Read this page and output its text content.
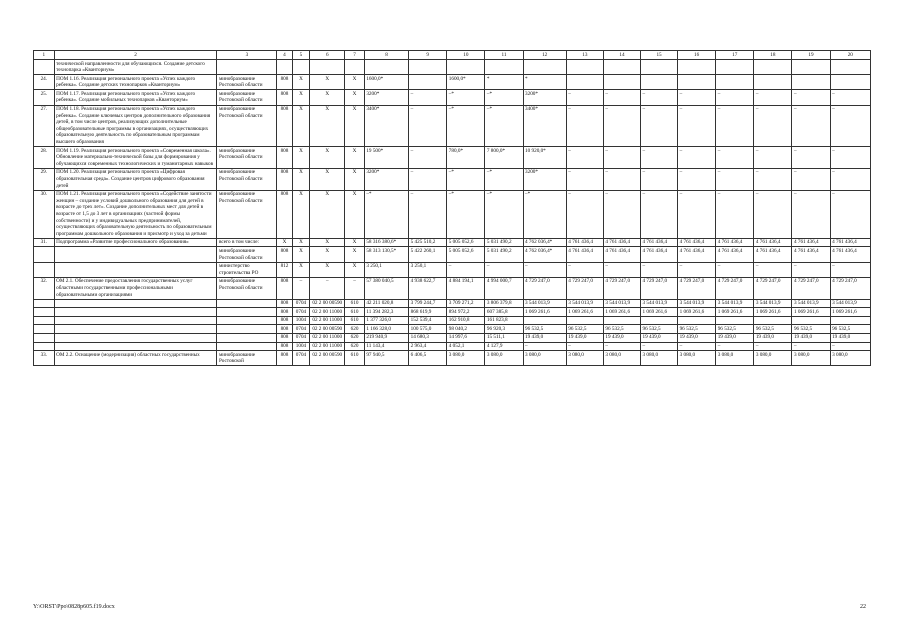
1	2	3	4	5	6	7	8	9	10	11	12	13	14	15	16	17	18	19	20
	технической направленности для обучающихся. Создание детского технопарка «Кванториум»																		
24.	ПОМ 1.16. Реализация регионального проекта «Успех каждого ребенка». Создание детских технопарков «Кванториум»	минобразование Ростовской области	808	Х	Х	Х	1600,0*		1600,0*	*	*								
25.	ПОМ 1.17. Реализация регионального проекта «Успех каждого ребенка». Создание мобильных технопарков «Кванториум»	минобразование Ростовской области	808	Х	Х	Х	3200*	–	–*	–*	3200*	–	–	–	–	–	–	–	–
27.	ПОМ 1.18. Реализация регионального проекта «Успех каждого ребенка». Создание ключевых центров дополнительного образования детей, в том числе центров, реализующих дополнительные общеобразовательные программы в организациях, осуществляющих образовательную деятельность по образовательным программам высшего образования	минобразование Ростовской области	808	Х	Х	Х	3400*	–	–*	–*	3400*	–	–	–	–	–	–	–	–
28.	ПОМ 1.19. Реализация регионального проекта «Современная школа». Обновление материально-технической базы для формирования у обучающихся современных технологических и гуманитарных навыков	минобразование Ростовской области	808	Х	Х	Х	19 500*	–	780,0*	7 800,0*	10 920,0*	–	–	–	–	–	–	–	–
29.	ПОМ 1.20. Реализация регионального проекта «Цифровая образовательная среда». Создание центров цифрового образования детей	минобразование Ростовской области	808	Х	Х	Х	3200*	–	–*	–*	3200*	–	–	–	–	–	–	–	–
30.	ПОМ 1.21. Реализация регионального проекта «Содействие занятости женщин – создание условий дошкольного образования для детей в возрасте до трех лет». Создание дополнительных мест для детей в возрасте от 1,5 до 3 лет в организациях (частной формы собственности) и у индивидуальных предпринимателей, осуществляющих образовательную деятельность по образовательным программам дошкольного образования и присмотр и уход за детьми	минобразование Ростовской области	808	Х	Х	Х	–*	–	–*	–*	–*	–	–	–	–	–	–	–	–
31.	Подпрограмма «Развитие профессионального образования»	всего в том числе:	Х	Х	Х	Х	58 316 380,6*	5 425 510,2	5 005 052,6	5 031 490,2	4 762 036,4*	4 761 436,4	4 761 436,4	4 761 436,4	4 761 436,4	4 761 436,4	4 761 436,4	4 761 436,4	4 761 436,4
		минобразование Ростовской области	808	Х	Х	Х	58 313 130,5*	5 422 260,1	5 005 052,6	5 031 490,2	4 762 036,4*	4 761 436,4	4 761 436,4	4 761 436,4	4 761 436,4	4 761 436,4	4 761 436,4	4 761 436,4	4 761 436,4
		министерство строительства РО	812	Х	Х	Х	3 250,1	3 250,1	–	–	–	–	–	–	–	–	–	–	–
32.	ОМ 2.1. Обеспечение предоставления государственных услуг областными государственными профессиональными образовательными организациями	минобразование Ростовской области	808	–	–	–	57 380 040,5	4 938 622,7	4 884 194,1	4 994 000,7	4 729 247,0	4 729 247,0	4 729 247,0	4 729 247,0	4 729 247,0	4 729 247,0	4 729 247,0	4 729 247,0	4 729 247,0
			808	0704	02 2 00 00590	610	42 211 020,8	3 799 244,7	3 709 271,2	3 806 379,8	3 544 013,9	3 544 013,9	3 544 013,9	3 544 013,9	3 544 013,9	3 544 013,9	3 544 013,9	3 544 013,9	3 544 013,9
			808	0704	02 2 00 11000	610	11 394 282,3	868 619,9	894 972,2	607 385,8	1 069 261,6	1 069 261,6	1 069 261,6	1 069 261,6	1 069 261,6	1 069 261,6	1 069 261,6	1 069 261,6	1 069 261,6
			808	1004	02 2 00 11000	610	1 377 326,0	152 539,4	162 910,8	161 823,8									
			808	0704	02 2 00 00590	620	1 166 328,0	100 575,0	98 040,2	96 920,3	96 532,5	96 532,5	96 532,5	96 532,5	96 532,5	96 532,5	96 532,5	96 532,5	96 532,5
			808	0704	02 2 00 11000	620	219 940,9	14 680,3	14 997,6	15 511,1	19 439,0	19 439,0	19 439,0	19 439,0	19 439,0	19 439,0	19 439,0	19 439,0	19 439,0
			808	1004	02 2 00 11000	620	11 143,4	2 963,4	4 052,1	4 127,9	–	–	–	–	–	–	–	–	–
33.	ОМ 2.2. Оснащение (модернизация) областных государственных	минобразование Ростовской	808	0704	02 2 00 00590	610	97 940,5	6 406,5	3 080,0	3 080,0	3 080,0	3 080,0	3 080,0	3 080,0	3 080,0	3 080,0	3 080,0	3 080,0	3 080,0
Y:\ORST\Ppo\0828p605.f19.docx	22
